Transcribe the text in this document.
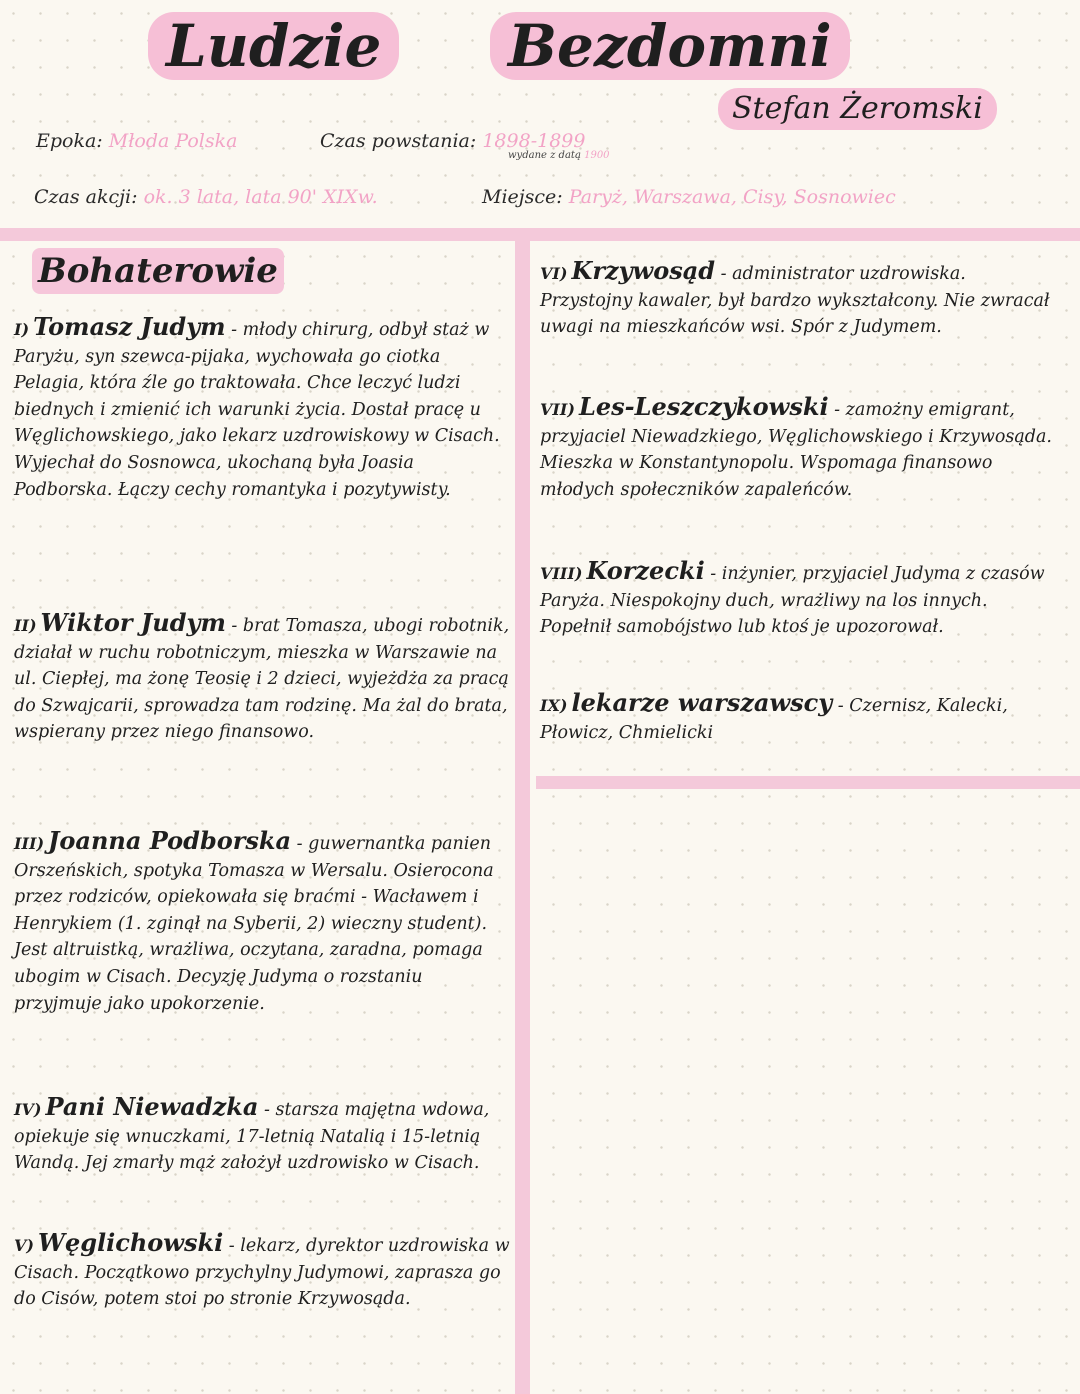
Ludzie	Bezdomni
Stefan Żeromski
Epoka: Młoda Polska	Czas powstania: 1898-1899
wydane z datą 1900
Czas akcji: ok. 3 lata, lata 90' XIXw.	Miejsce: Paryż, Warszawa, Cisy, Sosnowiec
Bohaterowie
I) Tomasz Judym - młody chirurg, odbył staż w Paryżu, syn szewca-pijaka, wychowała go ciotka Pelagia, która źle go traktowała. Chce leczyć ludzi biednych i zmienić ich warunki życia. Dostał pracę u Węglichowskiego, jako lekarz uzdrowiskowy w Cisach. Wyjechał do Sosnowca, ukochaną była Joasia Podborska. Łączy cechy romantyka i pozytywisty.
II) Wiktor Judym - brat Tomasza, ubogi robotnik, działał w ruchu robotniczym, mieszka w Warszawie na ul. Ciepłej, ma żonę Teosię i 2 dzieci, wyjeżdża za pracą do Szwajcarii, sprowadza tam rodzinę. Ma żal do brata, wspierany przez niego finansowo.
III) Joanna Podborska - guwernantka panien Orszeńskich, spotyka Tomasza w Wersalu. Osierocona przez rodziców, opiekowała się braćmi - Wacławem i Henrykiem (1. zginął na Syberii, 2) wieczny student). Jest altruistką, wrażliwa, oczytana, zaradna, pomaga ubogim w Cisach. Decyzję Judyma o rozstaniu przyjmuje jako upokorzenie.
IV) Pani Niewadzka - starsza majętna wdowa, opiekuje się wnuczkami, 17-letnią Natalią i 15-letnią Wandą. Jej zmarły mąż założył uzdrowisko w Cisach.
V) Węglichowski - lekarz, dyrektor uzdrowiska w Cisach. Początkowo przychylny Judymowi, zaprasza go do Cisów, potem stoi po stronie Krzywosąda.
VI) Krzywosąd - administrator uzdrowiska. Przystojny kawaler, był bardzo wykształcony. Nie zwracał uwagi na mieszkańców wsi. Spór z Judymem.
VII) Les-Leszczykowski - zamożny emigrant, przyjaciel Niewadzkiego, Węglichowskiego i Krzywosąda. Mieszka w Konstantynopolu. Wspomaga finansowo młodych społeczników zapaleńców.
VIII) Korzecki - inżynier, przyjaciel Judyma z czasów Paryża. Niespokojny duch, wrażliwy na los innych. Popełnił samobójstwo lub ktoś je upozorował.
IX) lekarze warszawscy - Czernisz, Kalecki, Płowicz, Chmielicki
